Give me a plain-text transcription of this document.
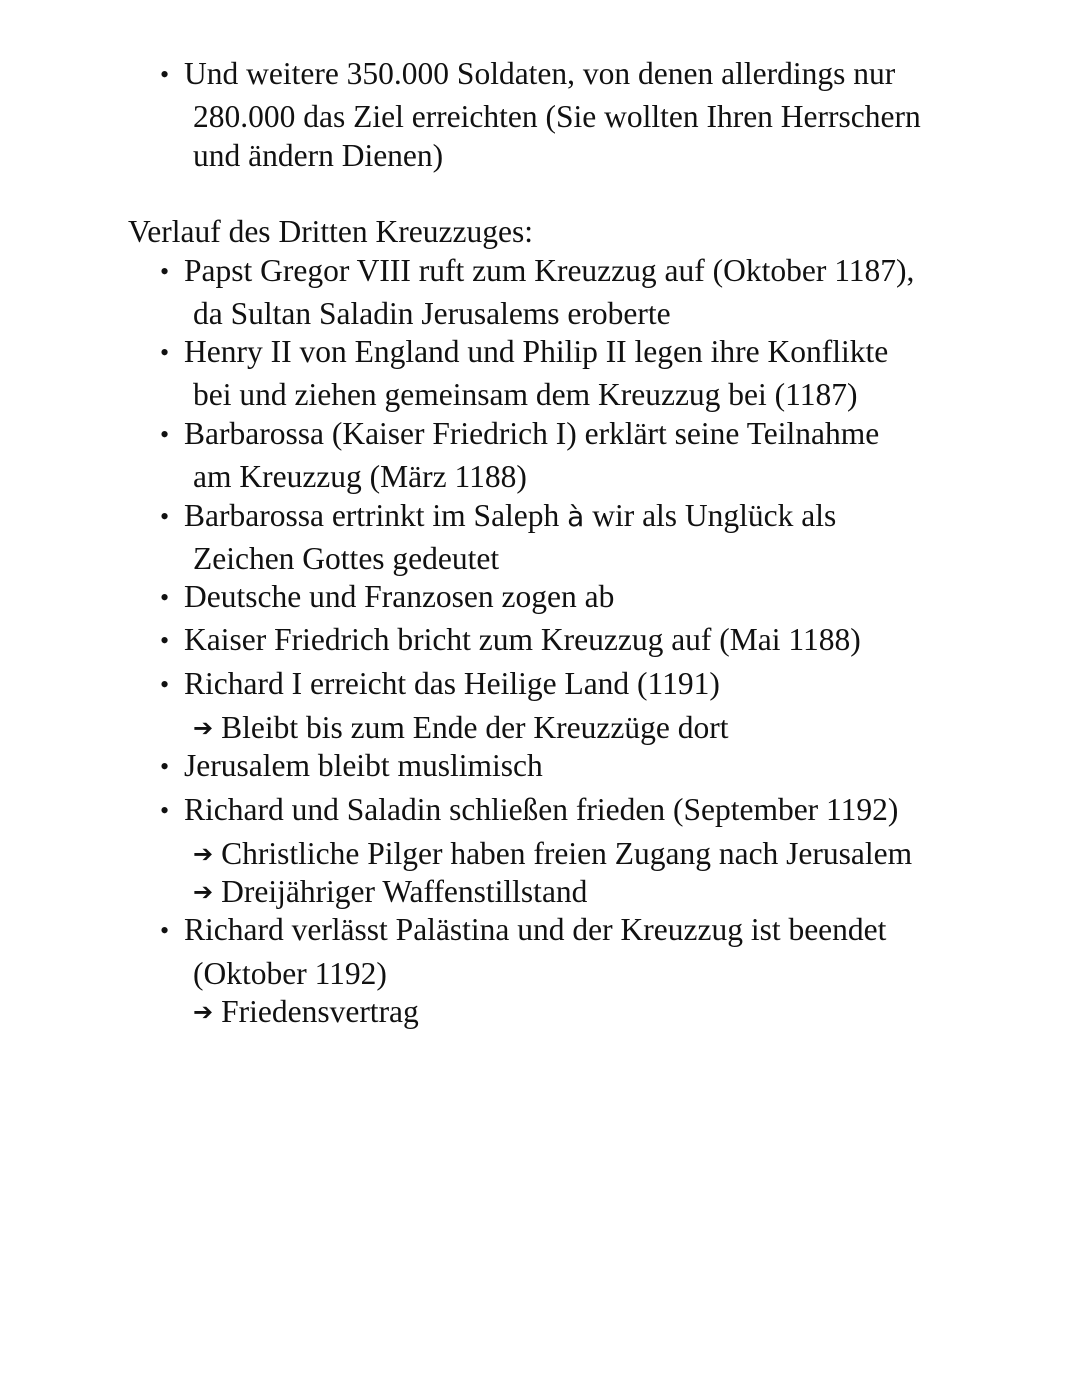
• Und weitere 350.000 Soldaten, von denen allerdings nur
280.000 das Ziel erreichten (Sie wollten Ihren Herrschern
und ändern Dienen)
Verlauf des Dritten Kreuzzuges:
• Papst Gregor VIII ruft zum Kreuzzug auf (Oktober 1187),
da Sultan Saladin Jerusalems eroberte
• Henry II von England und Philip II legen ihre Konflikte
bei und ziehen gemeinsam dem Kreuzzug bei (1187)
• Barbarossa (Kaiser Friedrich I) erklärt seine Teilnahme
am Kreuzzug (März 1188)
• Barbarossa ertrinkt im Saleph à wir als Unglück als
Zeichen Gottes gedeutet
• Deutsche und Franzosen zogen ab
• Kaiser Friedrich bricht zum Kreuzzug auf (Mai 1188)
• Richard I erreicht das Heilige Land (1191)
➔ Bleibt bis zum Ende der Kreuzzüge dort
• Jerusalem bleibt muslimisch
• Richard und Saladin schließen frieden (September 1192)
➔ Christliche Pilger haben freien Zugang nach Jerusalem
➔ Dreijähriger Waffenstillstand
• Richard verlässt Palästina und der Kreuzzug ist beendet
(Oktober 1192)
➔ Friedensvertrag
